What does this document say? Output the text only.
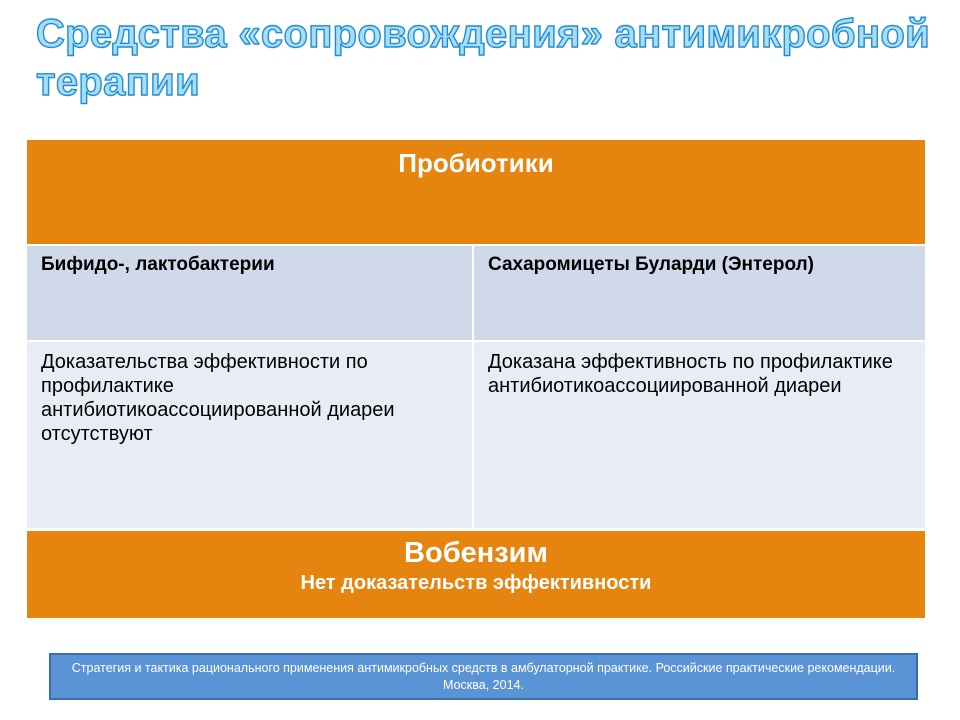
Средства «сопровождения» антимикробной терапии
Пробиотики
Бифидо-, лактобактерии	Сахаромицеты Буларди (Энтерол)
Доказательства эффективности по профилактике антибиотикоассоциированной диареи отсутствуют
Доказана эффективность по профилактике антибиотикоассоциированной диареи
Вобензим
Нет доказательств эффективности
Стратегия и тактика рационального применения антимикробных средств в амбулаторной практике. Российские практические рекомендации. Москва, 2014.
